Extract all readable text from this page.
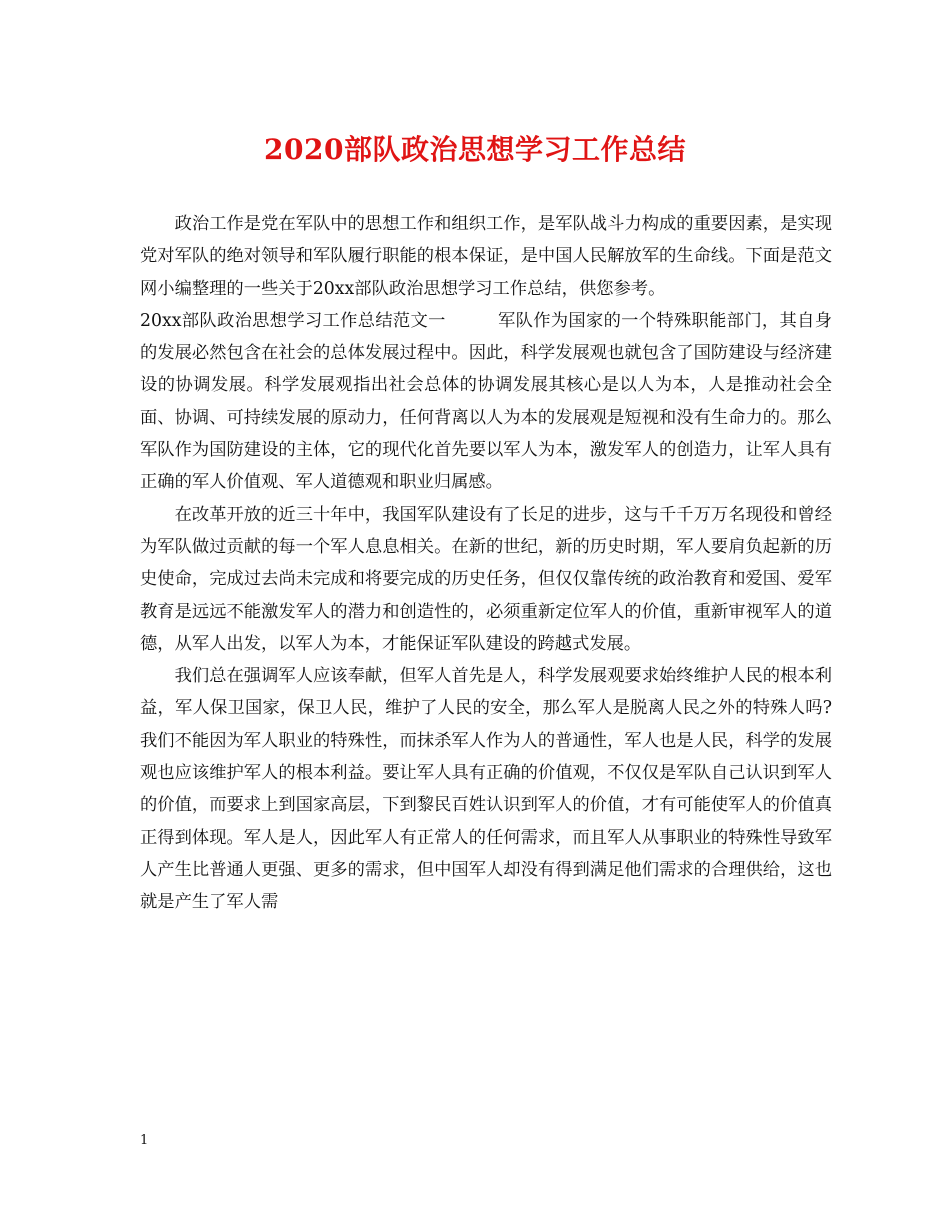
2020部队政治思想学习工作总结

政治工作是党在军队中的思想工作和组织工作，是军队战斗力构成的重要因素，是实现党对军队的绝对领导和军队履行职能的根本保证，是中国人民解放军的生命线。下面是范文网小编整理的一些关于20xx部队政治思想学习工作总结，供您参考。

20xx部队政治思想学习工作总结范文一	军队作为国家的一个特殊职能部门，其自身的发展必然包含在社会的总体发展过程中。因此，科学发展观也就包含了国防建设与经济建设的协调发展。科学发展观指出社会总体的协调发展其核心是以人为本，人是推动社会全面、协调、可持续发展的原动力，任何背离以人为本的发展观是短视和没有生命力的。那么军队作为国防建设的主体，它的现代化首先要以军人为本，激发军人的创造力，让军人具有正确的军人价值观、军人道德观和职业归属感。

在改革开放的近三十年中，我国军队建设有了长足的进步，这与千千万万名现役和曾经为军队做过贡献的每一个军人息息相关。在新的世纪，新的历史时期，军人要肩负起新的历史使命，完成过去尚未完成和将要完成的历史任务，但仅仅靠传统的政治教育和爱国、爱军教育是远远不能激发军人的潜力和创造性的，必须重新定位军人的价值，重新审视军人的道德，从军人出发，以军人为本，才能保证军队建设的跨越式发展。

我们总在强调军人应该奉献，但军人首先是人，科学发展观要求始终维护人民的根本利益，军人保卫国家，保卫人民，维护了人民的安全，那么军人是脱离人民之外的特殊人吗?我们不能因为军人职业的特殊性，而抹杀军人作为人的普通性，军人也是人民，科学的发展观也应该维护军人的根本利益。要让军人具有正确的价值观，不仅仅是军队自己认识到军人的价值，而要求上到国家高层，下到黎民百姓认识到军人的价值，才有可能使军人的价值真正得到体现。军人是人，因此军人有正常人的任何需求，而且军人从事职业的特殊性导致军人产生比普通人更强、更多的需求，但中国军人却没有得到满足他们需求的合理供给，这也就是产生了军人需

1
